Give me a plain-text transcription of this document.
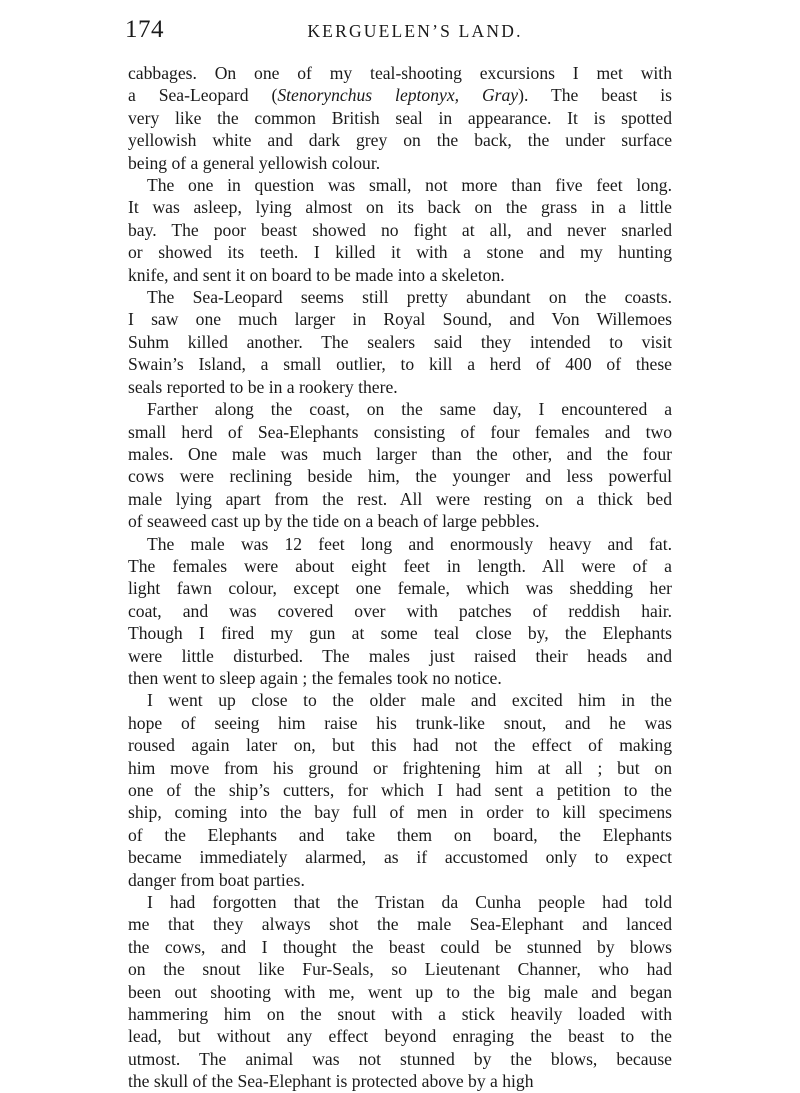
174	KERGUELEN’S LAND.
cabbages. On one of my teal-shooting excursions I met with
a Sea-Leopard (Stenorynchus leptonyx, Gray). The beast is
very like the common British seal in appearance. It is spotted
yellowish white and dark grey on the back, the under surface
being of a general yellowish colour.
The one in question was small, not more than five feet long.
It was asleep, lying almost on its back on the grass in a little
bay. The poor beast showed no fight at all, and never snarled
or showed its teeth. I killed it with a stone and my hunting
knife, and sent it on board to be made into a skeleton.
The Sea-Leopard seems still pretty abundant on the coasts.
I saw one much larger in Royal Sound, and Von Willemoes
Suhm killed another. The sealers said they intended to visit
Swain’s Island, a small outlier, to kill a herd of 400 of these
seals reported to be in a rookery there.
Farther along the coast, on the same day, I encountered a
small herd of Sea-Elephants consisting of four females and two
males. One male was much larger than the other, and the four
cows were reclining beside him, the younger and less powerful
male lying apart from the rest. All were resting on a thick bed
of seaweed cast up by the tide on a beach of large pebbles.
The male was 12 feet long and enormously heavy and fat.
The females were about eight feet in length. All were of a
light fawn colour, except one female, which was shedding her
coat, and was covered over with patches of reddish hair.
Though I fired my gun at some teal close by, the Elephants
were little disturbed. The males just raised their heads and
then went to sleep again ; the females took no notice.
I went up close to the older male and excited him in the
hope of seeing him raise his trunk-like snout, and he was
roused again later on, but this had not the effect of making
him move from his ground or frightening him at all ; but on
one of the ship’s cutters, for which I had sent a petition to the
ship, coming into the bay full of men in order to kill specimens
of the Elephants and take them on board, the Elephants
became immediately alarmed, as if accustomed only to expect
danger from boat parties.
I had forgotten that the Tristan da Cunha people had told
me that they always shot the male Sea-Elephant and lanced
the cows, and I thought the beast could be stunned by blows
on the snout like Fur-Seals, so Lieutenant Channer, who had
been out shooting with me, went up to the big male and began
hammering him on the snout with a stick heavily loaded with
lead, but without any effect beyond enraging the beast to the
utmost. The animal was not stunned by the blows, because
the skull of the Sea-Elephant is protected above by a high
